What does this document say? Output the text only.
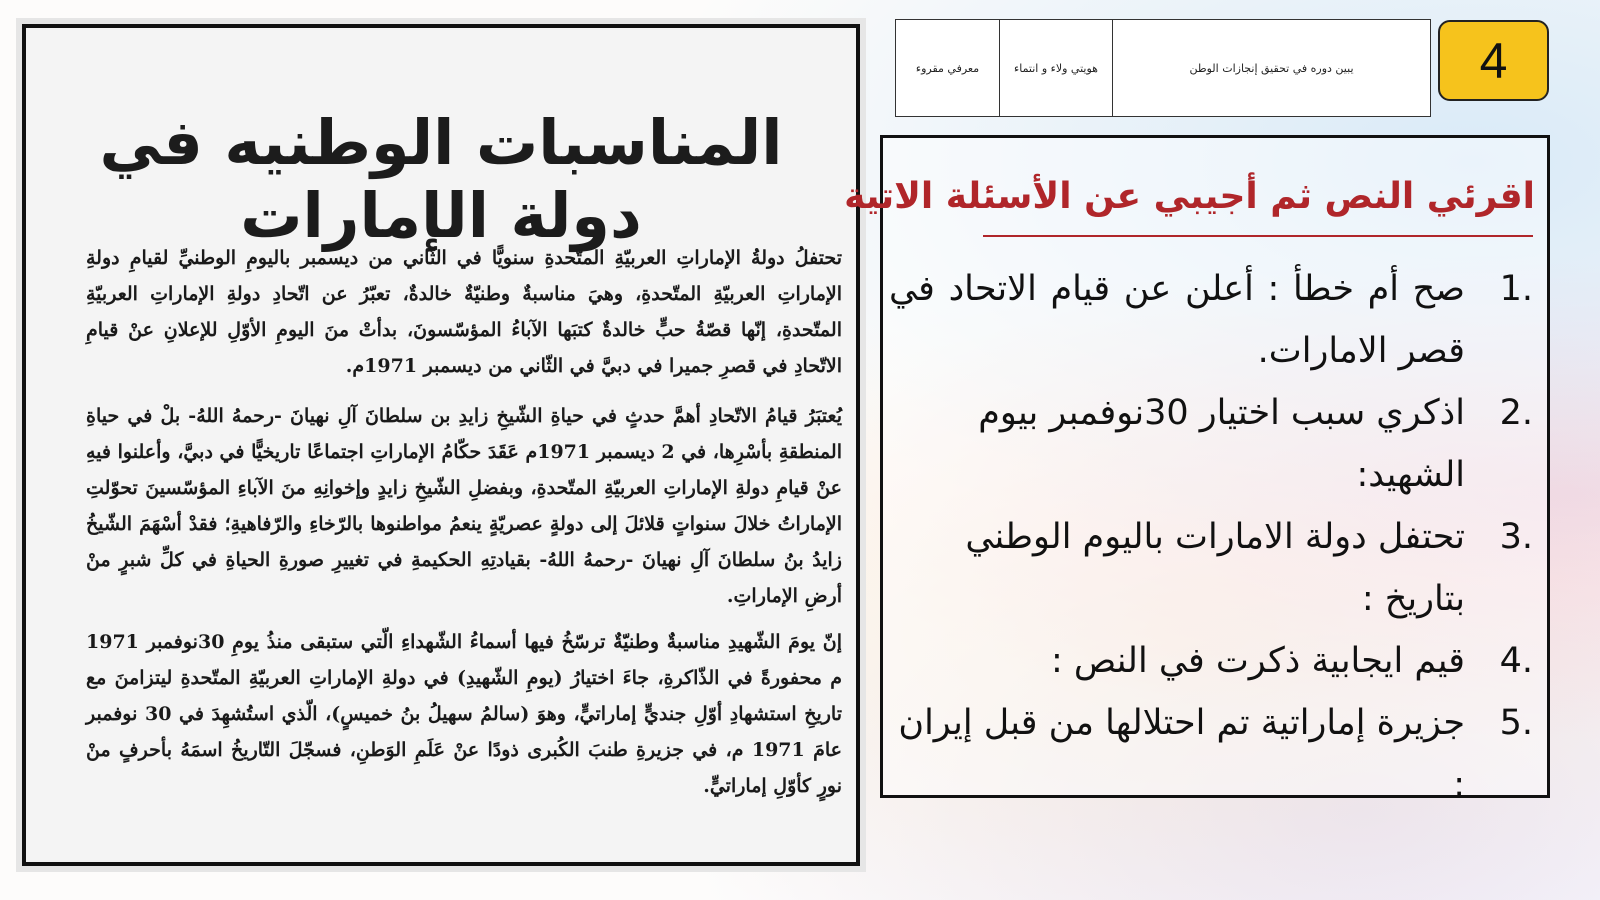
المناسبات الوطنيه في دولة الإمارات
تحتفلُ دولةُ الإماراتِ العربيّةِ المتّحدةِ سنويًّا في الثّاني من ديسمبر باليومِ الوطنيِّ لقيامِ دولةِ الإماراتِ العربيّةِ المتّحدةِ، وهيَ مناسبةٌ وطنيّةٌ خالدةٌ، تعبّرُ عن اتّحادِ دولةِ الإماراتِ العربيّةِ المتّحدةِ، إنّها قصّةُ حبٍّ خالدةٌ كتبَها الآباءُ المؤسّسونَ، بدأتْ منَ اليومِ الأوّلِ للإعلانِ عنْ قيامِ الاتّحادِ في قصرِ جميرا في دبيَّ في الثّاني من ديسمبر 1971م.
يُعتبَرُ قيامُ الاتّحادِ أهمَّ حدثٍ في حياةِ الشّيخِ زايدِ بن سلطانَ آلِ نهيانَ -رحمهُ اللهُ- بلْ في حياةِ المنطقةِ بأسْرِها، في 2 ديسمبر 1971م عَقَدَ حكّامُ الإماراتِ اجتماعًا تاريخيًّا في دبيَّ، وأعلنوا فيهِ عنْ قيامِ دولةِ الإماراتِ العربيّةِ المتّحدةِ، وبفضلِ الشّيخِ زايدٍ وإخوانِهِ منَ الآباءِ المؤسّسينَ تحوّلتِ الإماراتُ خلالَ سنواتٍ قلائلَ إلى دولةٍ عصريّةٍ ينعمُ مواطنوها بالرّخاءِ والرّفاهيةِ؛ فقدْ أسْهَمَ الشّيخُ زايدُ بنُ سلطانَ آلِ نهيانَ -رحمهُ اللهُ- بقيادتِهِ الحكيمةِ في تغييرِ صورةِ الحياةِ في كلِّ شبرٍ منْ أرضِ الإماراتِ.
إنّ يومَ الشّهيدِ مناسبةٌ وطنيّةٌ ترسّخُ فيها أسماءُ الشّهداءِ الّتي ستبقى منذُ يومِ 30نوفمبر 1971 م محفورةً في الذّاكرةِ، جاءَ اختيارُ (يومِ الشّهيدِ) في دولةِ الإماراتِ العربيّةِ المتّحدةِ ليتزامنَ مع تاريخِ استشهادِ أوّلِ جنديٍّ إماراتيٍّ، وهوَ (سالمُ سهيلُ بنُ خميسٍ)، الّذي استُشهِدَ في 30 نوفمبر عامَ 1971 م، في جزيرةِ طنبَ الكُبرى ذودًا عنْ عَلَمِ الوَطنِ، فسجّلَ التّاريخُ اسمَهُ بأحرفٍ منْ نورٍ كأوّلِ إماراتيٍّ.
معرفي مقروء	هويتي ولاء و انتماء	يبين دوره في تحقيق إنجازات الوطن	4
اقرئي النص ثم أجيبي عن الأسئلة الاتية
1.
صح أم خطأ : أعلن عن قيام الاتحاد في قصر الامارات.
2.
اذكري سبب اختيار 30نوفمبر بيوم الشهيد:
3.
تحتفل دولة الامارات باليوم الوطني بتاريخ :
4.
قيم ايجابية ذكرت في النص :
5.
جزيرة إماراتية تم احتلالها من قبل إيران :
